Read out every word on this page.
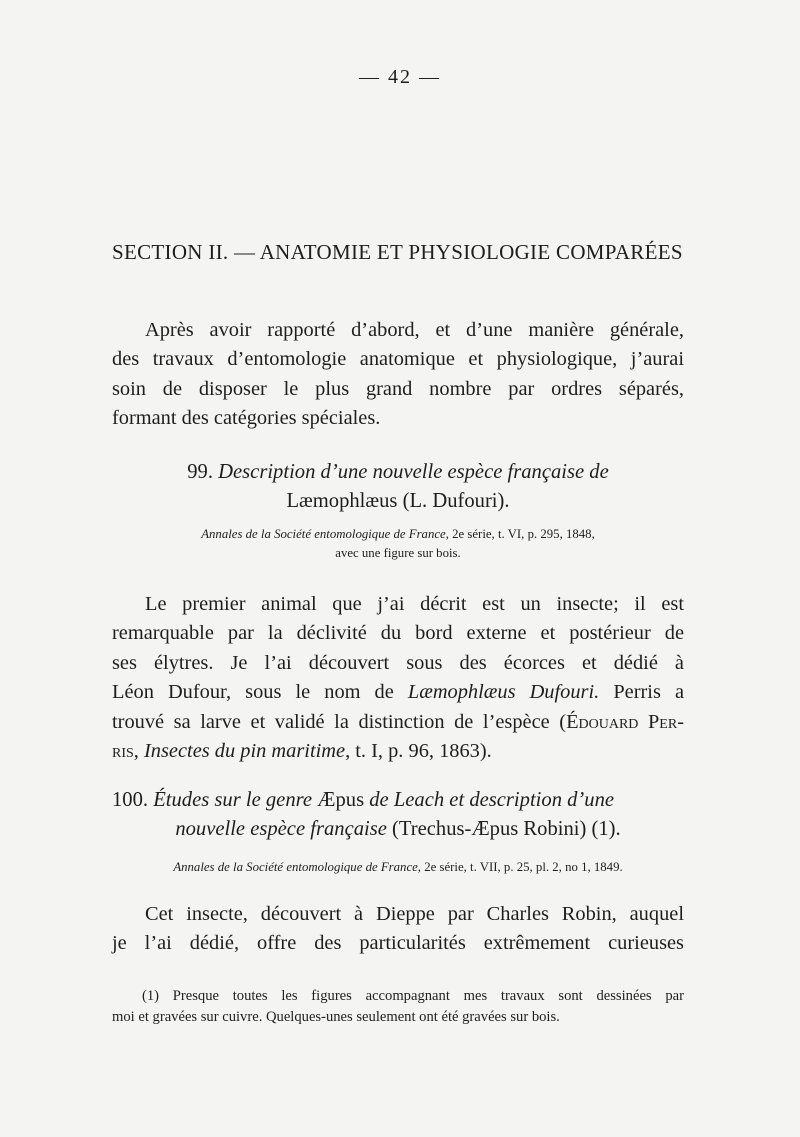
— 42 —
SECTION II. — ANATOMIE ET PHYSIOLOGIE COMPARÉES

Après avoir rapporté d’abord, et d’une manière générale,
des travaux d’entomologie anatomique et physiologique, j’aurai
soin de disposer le plus grand nombre par ordres séparés,
formant des catégories spéciales.

99. Description d’une nouvelle espèce française de
Læmophlæus (L. Dufouri).
Annales de la Société entomologique de France, 2e série, t. VI, p. 295, 1848,
avec une figure sur bois.

Le premier animal que j’ai décrit est un insecte; il est
remarquable par la déclivité du bord externe et postérieur de
ses élytres. Je l’ai découvert sous des écorces et dédié à
Léon Dufour, sous le nom de Læmophlæus Dufouri. Perris a
trouvé sa larve et validé la distinction de l’espèce (Édouard Per-
ris, Insectes du pin maritime, t. I, p. 96, 1863).

100. Études sur le genre Æpus de Leach et description d’une
nouvelle espèce française (Trechus-Æpus Robini) (1).
Annales de la Société entomologique de France, 2e série, t. VII, p. 25, pl. 2, no 1, 1849.

Cet insecte, découvert à Dieppe par Charles Robin, auquel
je l’ai dédié, offre des particularités extrêmement curieuses

(1) Presque toutes les figures accompagnant mes travaux sont dessinées par
moi et gravées sur cuivre. Quelques-unes seulement ont été gravées sur bois.
